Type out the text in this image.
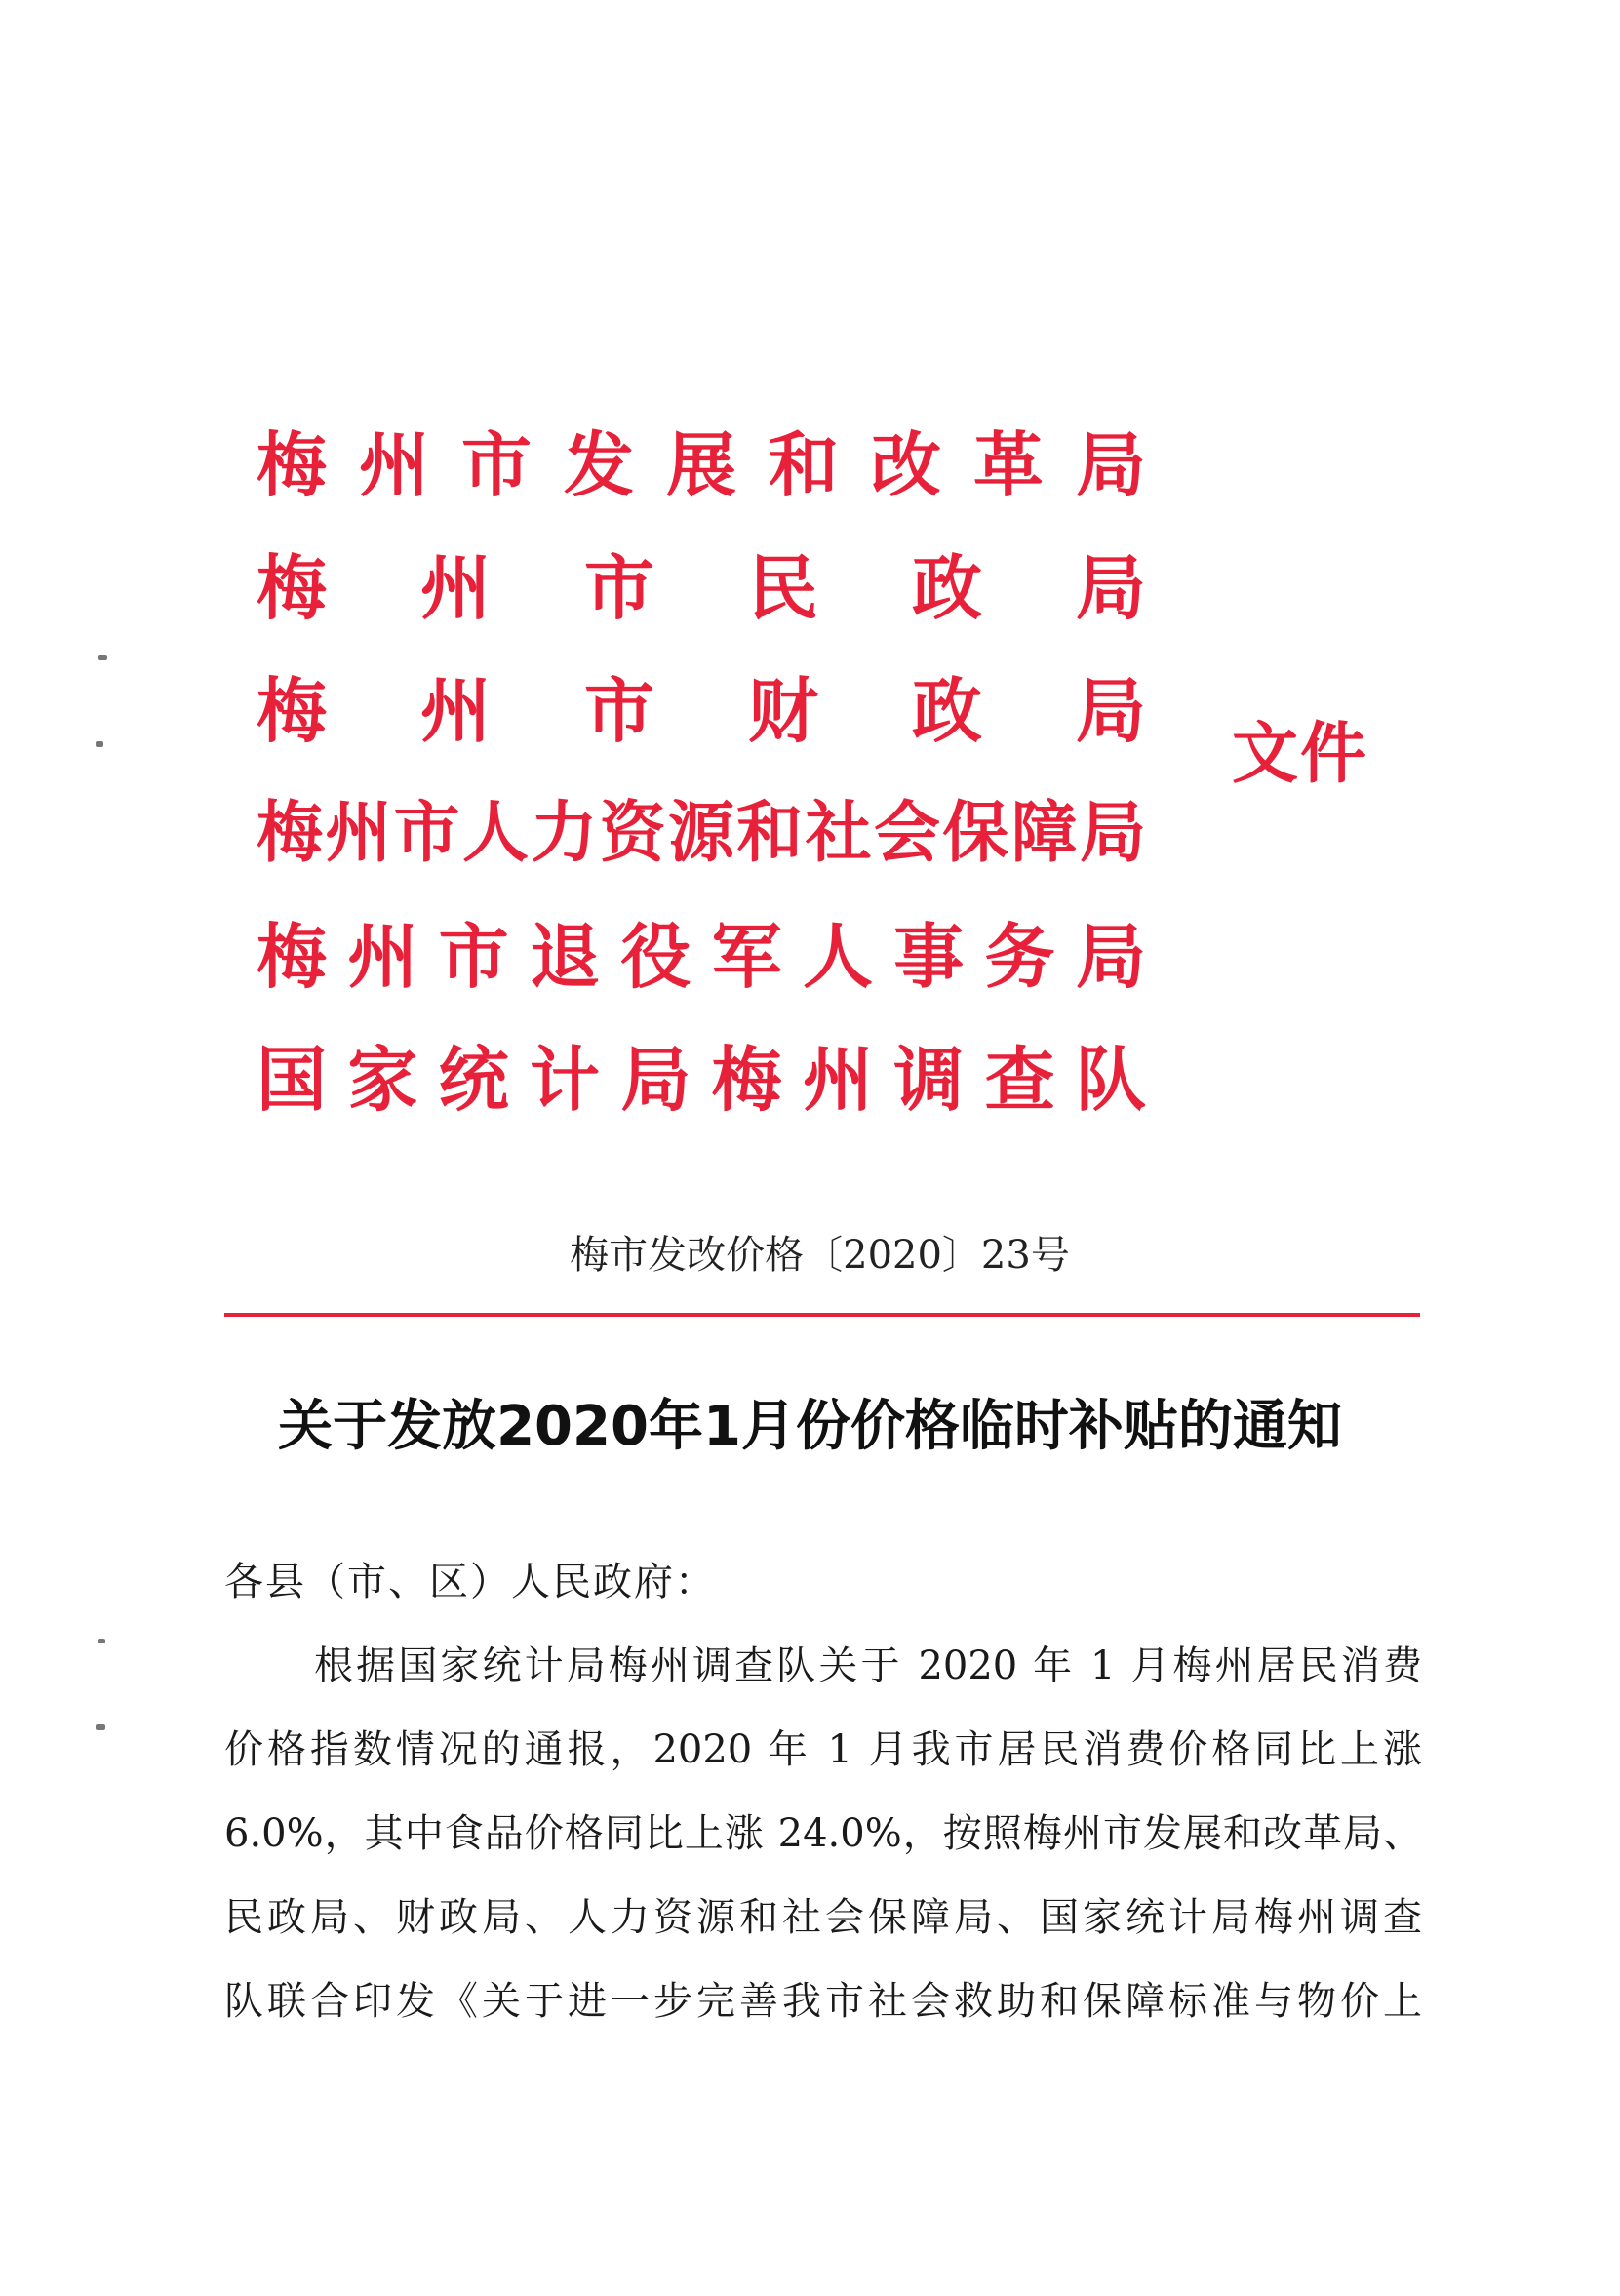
梅 州 市 发 展 和 改 革 局
梅 州 市 民 政 局
梅 州 市 财 政 局
梅 州 市 人 力 资 源 和 社 会 保 障 局
梅 州 市 退 役 军 人 事 务 局
国 家 统 计 局 梅 州 调 查 队
文件
梅市发改价格〔2020〕23号
关于发放2020年1月份价格临时补贴的通知
各县（市、区）人民政府：
根据国家统计局梅州调查队关于 2020 年 1 月梅州居民消费
价格指数情况的通报，2020 年 1 月我市居民消费价格同比上涨
6.0%，其中食品价格同比上涨 24.0%，按照梅州市发展和改革局、
民政局、财政局、人力资源和社会保障局、国家统计局梅州调查
队联合印发《关于进一步完善我市社会救助和保障标准与物价上
